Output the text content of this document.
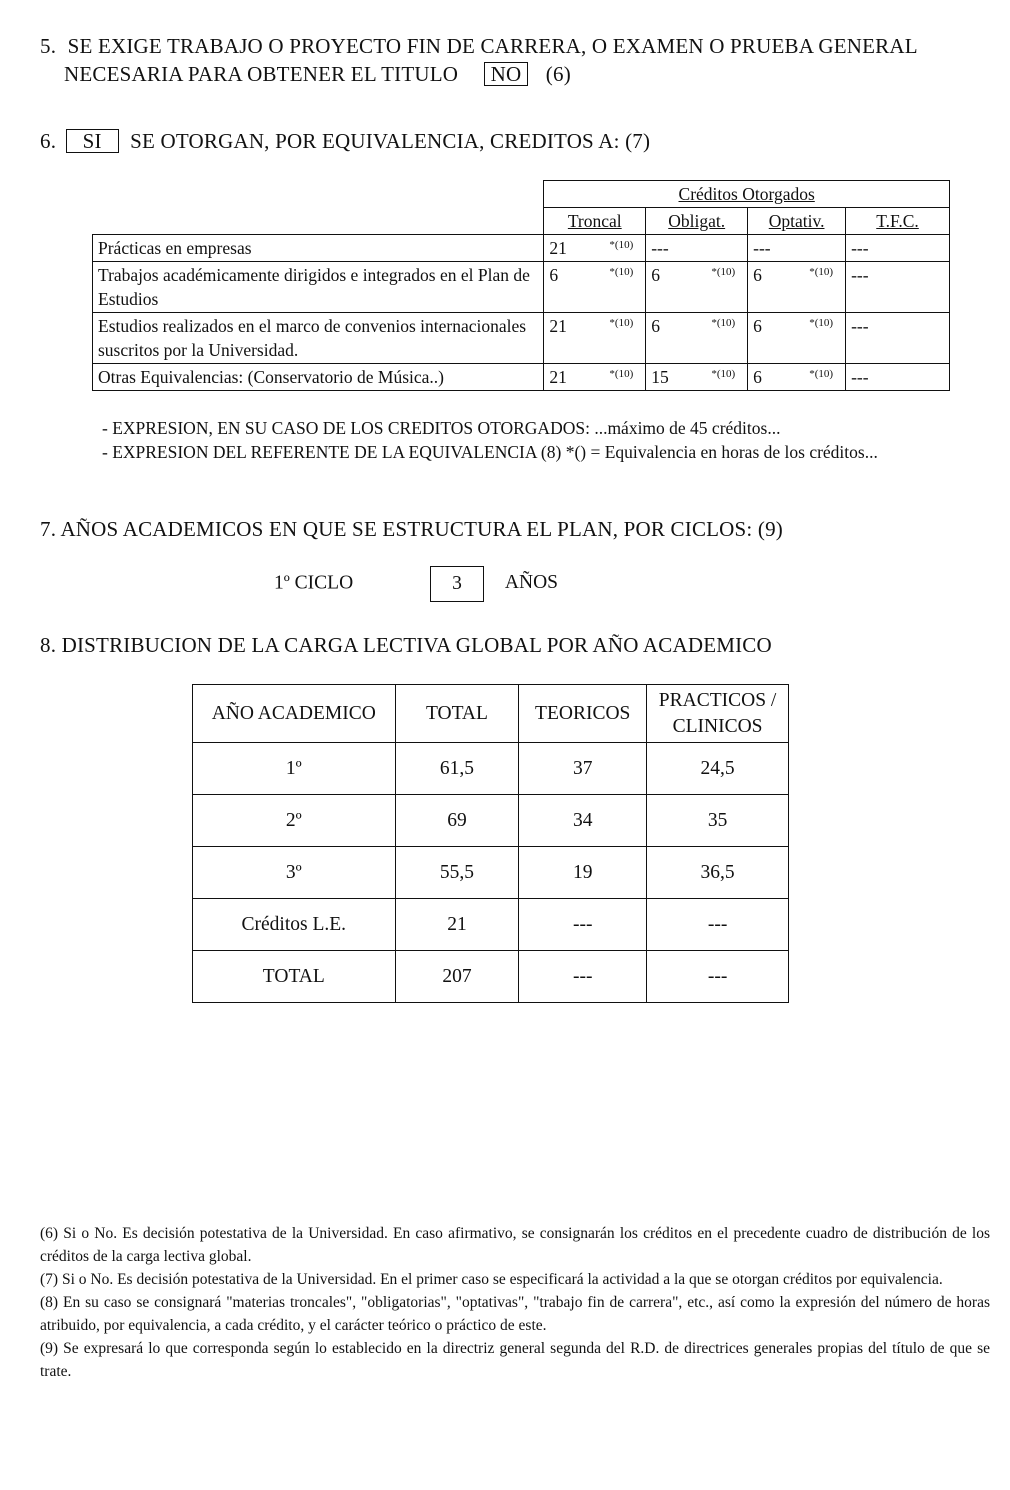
5. SE EXIGE TRABAJO O PROYECTO FIN DE CARRERA, O EXAMEN O PRUEBA GENERAL
NECESARIA PARA OBTENER EL TITULO NO (6)
6. SI SE OTORGAN, POR EQUIVALENCIA, CREDITOS A: (7)
	Créditos Otorgados			
	Troncal	Obligat.	Optativ.	T.F.C.
Prácticas en empresas	21 *(10)	---	---	---

Trabajos académicamente dirigidos e integrados en el Plan de Estudios	6 *(10)	6 *(10)	6 *(10)	---

Estudios realizados en el marco de convenios internacionales suscritos por la Universidad.	21 *(10)	6 *(10)	6 *(10)	---

Otras Equivalencias: (Conservatorio de Música..)	21 *(10)	15 *(10)	6 *(10)	---
- EXPRESION, EN SU CASO DE LOS CREDITOS OTORGADOS: ...máximo de 45 créditos...
- EXPRESION DEL REFERENTE DE LA EQUIVALENCIA (8) *() = Equivalencia en horas de los créditos...
7. AÑOS ACADEMICOS EN QUE SE ESTRUCTURA EL PLAN, POR CICLOS: (9)
1º CICLO	3 AÑOS
8. DISTRIBUCION DE LA CARGA LECTIVA GLOBAL POR AÑO ACADEMICO
AÑO ACADEMICO	TOTAL	TEORICOS	PRACTICOS / CLINICOS
1º	61,5	37	24,5
2º	69	34	35
3º	55,5	19	36,5
Créditos L.E.	21	---	---
TOTAL	207	---	---

(6) Si o No. Es decisión potestativa de la Universidad. En caso afirmativo, se consignarán los créditos en el precedente cuadro de distribución de los créditos de la carga lectiva global.

(7) Si o No. Es decisión potestativa de la Universidad. En el primer caso se especificará la actividad a la que se otorgan créditos por equivalencia.

(8) En su caso se consignará "materias troncales", "obligatorias", "optativas", "trabajo fin de carrera", etc., así como la expresión del número de horas atribuido, por equivalencia, a cada crédito, y el carácter teórico o práctico de este.

(9) Se expresará lo que corresponda según lo establecido en la directriz general segunda del R.D. de directrices generales propias del título de que se trate.
